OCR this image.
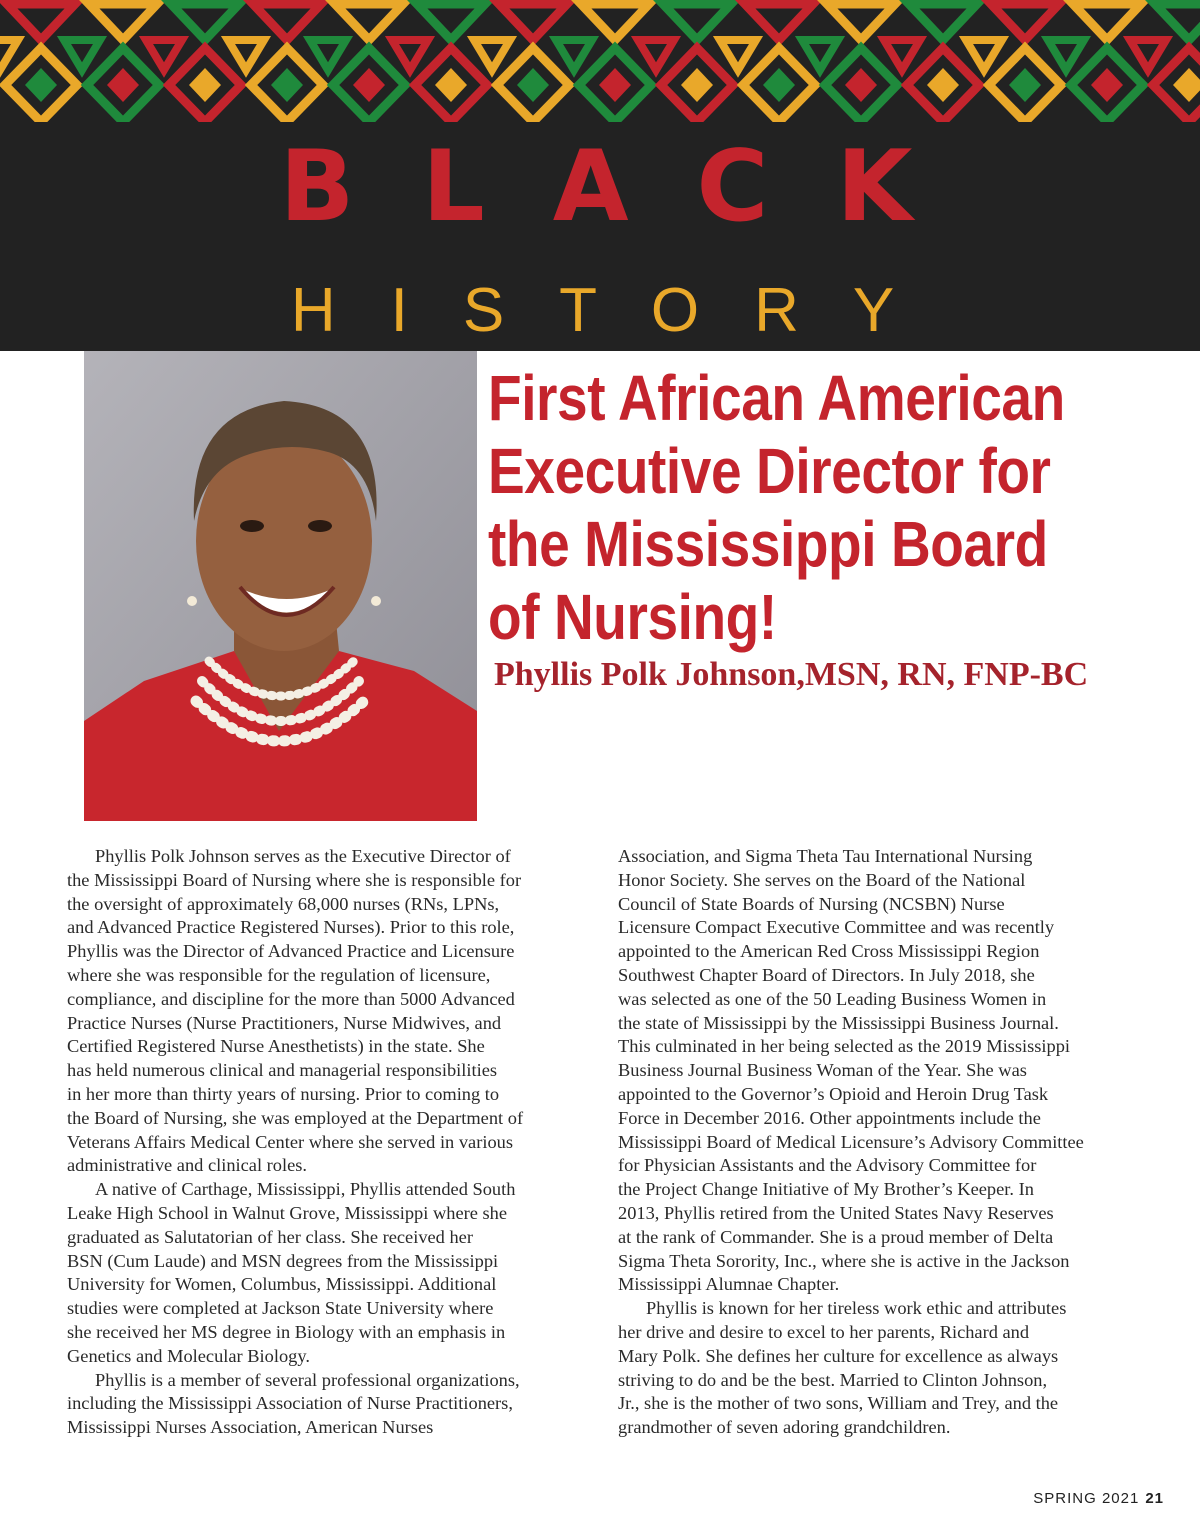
BLACK
HISTORY
First African American
Executive Director for
the Mississippi Board
of Nursing!
Phyllis Polk Johnson,MSN, RN, FNP-BC
Phyllis Polk Johnson serves as the Executive Director of
the Mississippi Board of Nursing where she is responsible for
the oversight of approximately 68,000 nurses (RNs, LPNs,
and Advanced Practice Registered Nurses). Prior to this role,
Phyllis was the Director of Advanced Practice and Licensure
where she was responsible for the regulation of licensure,
compliance, and discipline for the more than 5000 Advanced
Practice Nurses (Nurse Practitioners, Nurse Midwives, and
Certified Registered Nurse Anesthetists) in the state. She
has held numerous clinical and managerial responsibilities
in her more than thirty years of nursing. Prior to coming to
the Board of Nursing, she was employed at the Department of
Veterans Affairs Medical Center where she served in various
administrative and clinical roles.
A native of Carthage, Mississippi, Phyllis attended South
Leake High School in Walnut Grove, Mississippi where she
graduated as Salutatorian of her class. She received her
BSN (Cum Laude) and MSN degrees from the Mississippi
University for Women, Columbus, Mississippi. Additional
studies were completed at Jackson State University where
she received her MS degree in Biology with an emphasis in
Genetics and Molecular Biology.
Phyllis is a member of several professional organizations,
including the Mississippi Association of Nurse Practitioners,
Mississippi Nurses Association, American Nurses
Association, and Sigma Theta Tau International Nursing
Honor Society. She serves on the Board of the National
Council of State Boards of Nursing (NCSBN) Nurse
Licensure Compact Executive Committee and was recently
appointed to the American Red Cross Mississippi Region
Southwest Chapter Board of Directors. In July 2018, she
was selected as one of the 50 Leading Business Women in
the state of Mississippi by the Mississippi Business Journal.
This culminated in her being selected as the 2019 Mississippi
Business Journal Business Woman of the Year. She was
appointed to the Governor’s Opioid and Heroin Drug Task
Force in December 2016. Other appointments include the
Mississippi Board of Medical Licensure’s Advisory Committee
for Physician Assistants and the Advisory Committee for
the Project Change Initiative of My Brother’s Keeper. In
2013, Phyllis retired from the United States Navy Reserves
at the rank of Commander. She is a proud member of Delta
Sigma Theta Sorority, Inc., where she is active in the Jackson
Mississippi Alumnae Chapter.
Phyllis is known for her tireless work ethic and attributes
her drive and desire to excel to her parents, Richard and
Mary Polk. She defines her culture for excellence as always
striving to do and be the best. Married to Clinton Johnson,
Jr., she is the mother of two sons, William and Trey, and the
grandmother of seven adoring grandchildren.
SPRING 2021 21
